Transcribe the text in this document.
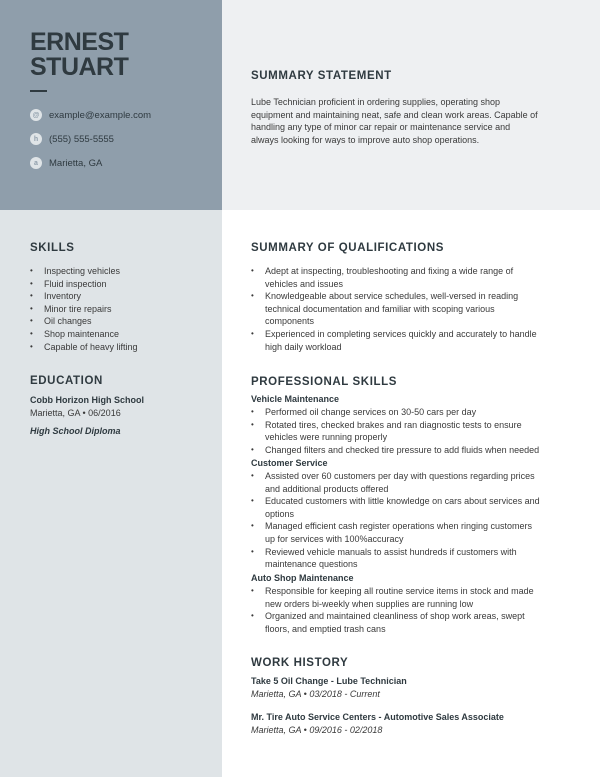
ERNEST
STUART
@ example@example.com
h	(555) 555-5555
a	Marietta, GA
SUMMARY STATEMENT
Lube Technician proficient in ordering supplies, operating shop
equipment and maintaining neat, safe and clean work areas. Capable of
handling any type of minor car repair or maintenance service and
always looking for ways to improve auto shop operations.
SKILLS
• Inspecting vehicles
• Fluid inspection
• Inventory
• Minor tire repairs
• Oil changes
• Shop maintenance
• Capable of heavy lifting
EDUCATION
Cobb Horizon High School
Marietta, GA • 06/2016
High School Diploma
SUMMARY OF QUALIFICATIONS
• Adept at inspecting, troubleshooting and fixing a wide range of
vehicles and issues
• Knowledgeable about service schedules, well-versed in reading
technical documentation and familiar with scoping various
components
• Experienced in completing services quickly and accurately to handle
high daily workload
PROFESSIONAL SKILLS
Vehicle Maintenance
• Performed oil change services on 30-50 cars per day
• Rotated tires, checked brakes and ran diagnostic tests to ensure
vehicles were running properly
• Changed filters and checked tire pressure to add fluids when needed
Customer Service
• Assisted over 60 customers per day with questions regarding prices
and additional products offered
• Educated customers with little knowledge on cars about services and
options
• Managed efficient cash register operations when ringing customers
up for services with 100%accuracy
• Reviewed vehicle manuals to assist hundreds if customers with
maintenance questions
Auto Shop Maintenance
• Responsible for keeping all routine service items in stock and made
new orders bi-weekly when supplies are running low
• Organized and maintained cleanliness of shop work areas, swept
floors, and emptied trash cans
WORK HISTORY
Take 5 Oil Change - Lube Technician
Marietta, GA • 03/2018 - Current
Mr. Tire Auto Service Centers - Automotive Sales Associate
Marietta, GA • 09/2016 - 02/2018
